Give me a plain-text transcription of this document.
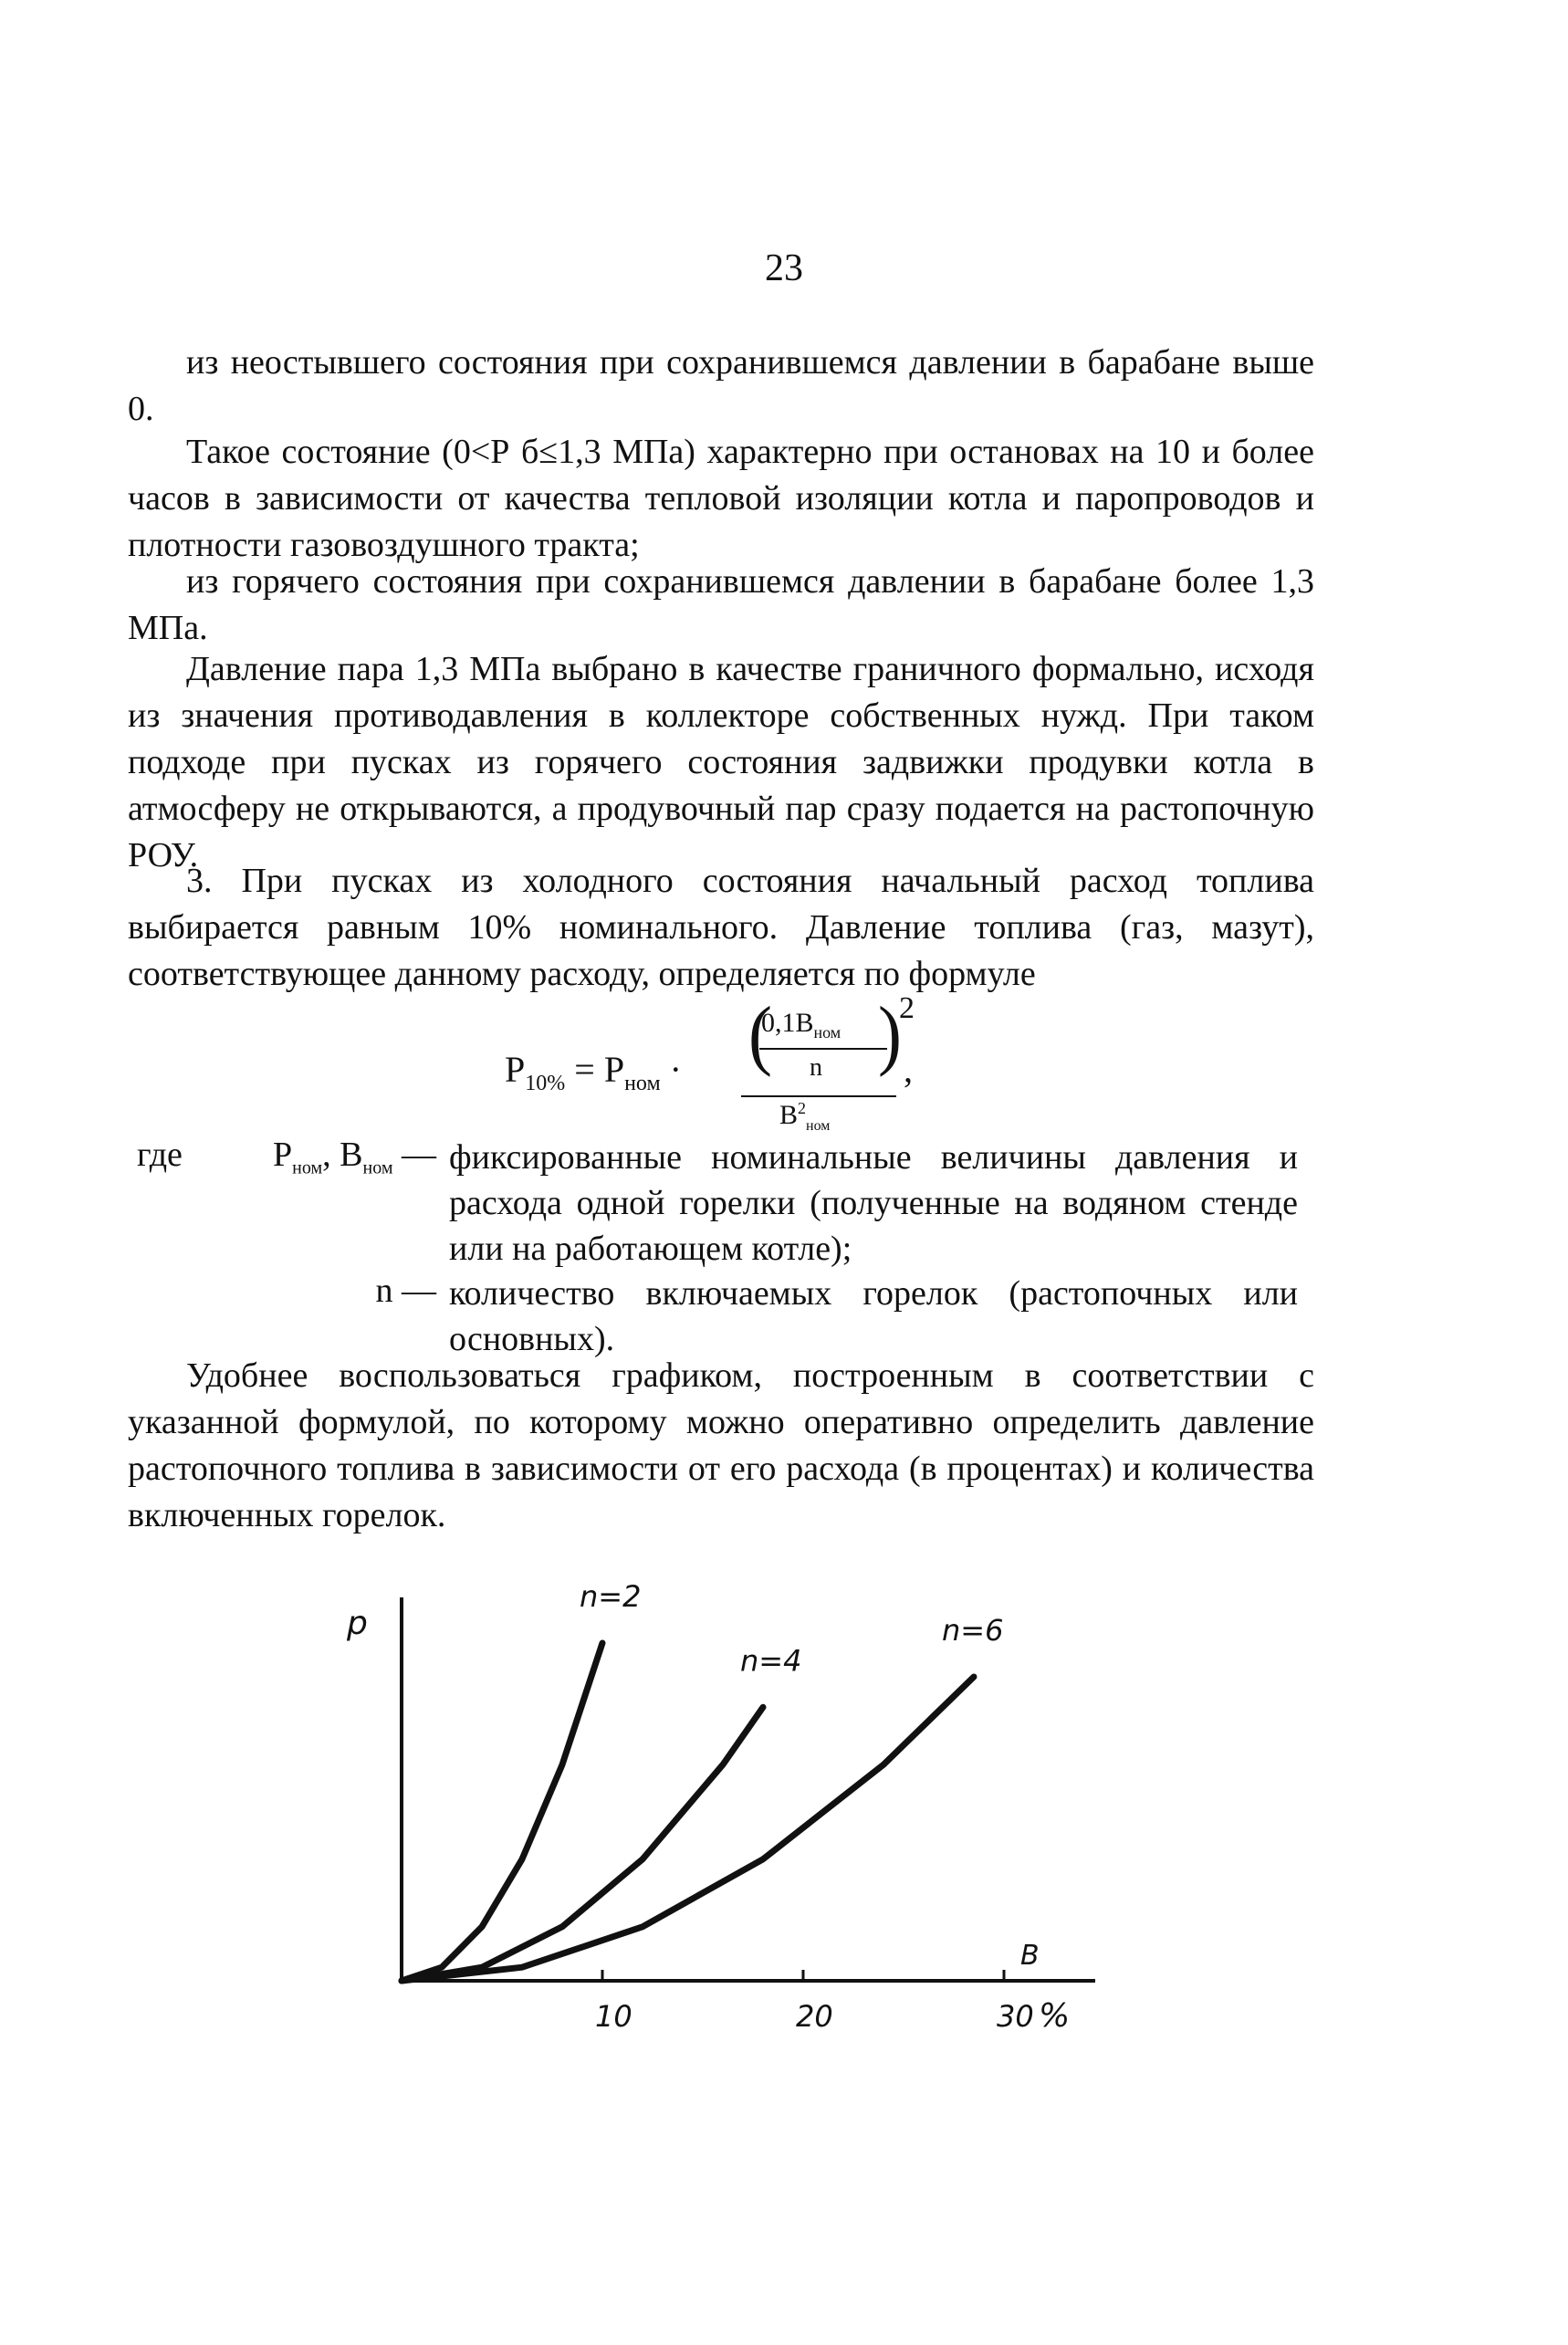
23
из неостывшего состояния при сохранившемся давлении в барабане выше 0.
Такое состояние (0<Р б≤1,3 МПа) характерно при остановах на 10 и более часов в зависимости от качества тепловой изоляции котла и паропроводов и плотности газовоздушного тракта;
из горячего состояния при сохранившемся давлении в барабане более 1,3 МПа.
Давление пара 1,3 МПа выбрано в качестве граничного формально, исходя из значения противодавления в коллекторе собственных нужд. При таком подходе при пусках из горячего состояния задвижки продувки котла в атмосферу не открываются, а продувочный пар сразу подается на растопочную РОУ.
3. При пусках из холодного состояния начальный расход топлива выбирается равным 10% номинального. Давление топлива (газ, мазут), соответствующее данному расходу, определяется по формуле
$Р_{10\%} = Р_{ном}$ · (
$0,1В_{ном}$
n )
$В^2_{ном}$
2
,
где	$Р_{ном}$, $В_{ном}$ — фиксированные номинальные величины давления и расхода одной горелки (полученные на водяном стенде или на работающем котле);
n — количество включаемых горелок (растопочных или основных).
Удобнее воспользоваться графиком, построенным в соответствии с указанной формулой, по которому можно оперативно определить давление растопочного топлива в зависимости от его расхода (в процентах) и количества включенных горелок.
10	20	30 %
В
р
n=2
n=4
n=6
